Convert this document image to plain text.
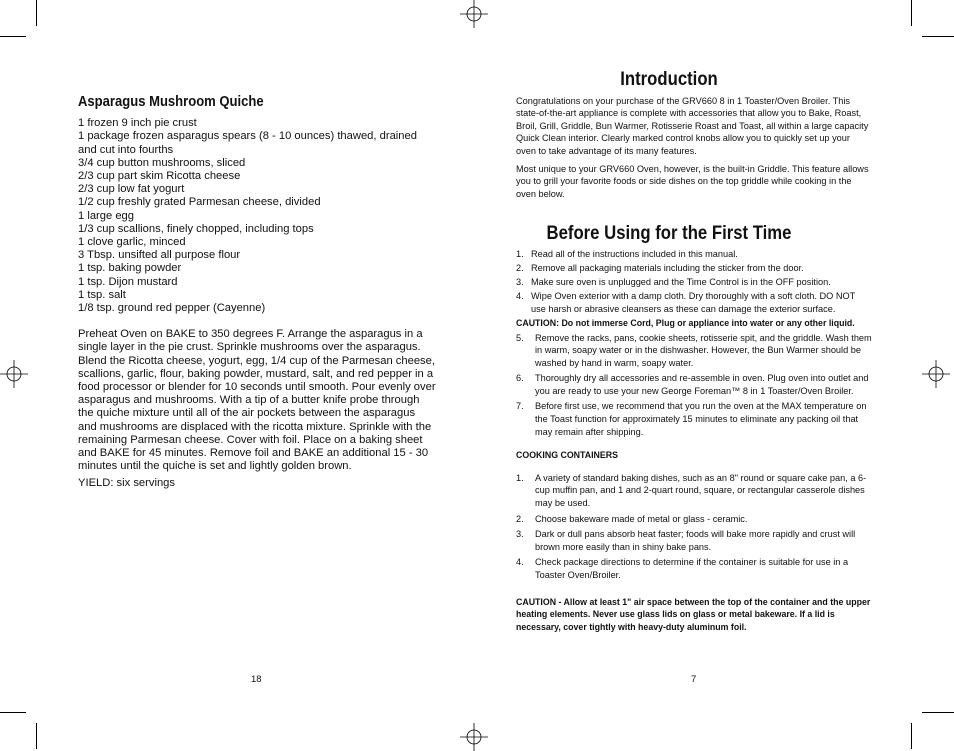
Asparagus Mushroom Quiche
1 frozen 9 inch pie crust
1 package frozen asparagus spears (8 - 10 ounces) thawed, drained and cut into fourths
3/4 cup button mushrooms, sliced
2/3 cup part skim Ricotta cheese
2/3 cup low fat yogurt
1/2 cup freshly grated Parmesan cheese, divided
1 large egg
1/3 cup scallions, finely chopped, including tops
1 clove garlic, minced
3 Tbsp. unsifted all purpose flour
1 tsp. baking powder
1 tsp. Dijon mustard
1 tsp. salt
1/8 tsp. ground red pepper (Cayenne)
Preheat Oven on BAKE to 350 degrees F. Arrange the asparagus in a single layer in the pie crust. Sprinkle mushrooms over the asparagus. Blend the Ricotta cheese, yogurt, egg, 1/4 cup of the Parmesan cheese, scallions, garlic, flour, baking powder, mustard, salt, and red pepper in a food processor or blender for 10 seconds until smooth. Pour evenly over asparagus and mushrooms. With a tip of a butter knife probe through the quiche mixture until all of the air pockets between the asparagus and mushrooms are displaced with the ricotta mixture. Sprinkle with the remaining Parmesan cheese. Cover with foil. Place on a baking sheet and BAKE for 45 minutes. Remove foil and BAKE an additional 15 - 30 minutes until the quiche is set and lightly golden brown.
YIELD: six servings
18
Introduction

Congratulations on your purchase of the GRV660 8 in 1 Toaster/Oven Broiler. This state-of-the-art appliance is complete with accessories that allow you to Bake, Roast, Broil, Grill, Griddle, Bun Warmer, Rotisserie Roast and Toast, all within a large capacity Quick Clean interior. Clearly marked control knobs allow you to quickly set up your oven to take advantage of its many features.

Most unique to your GRV660 Oven, however, is the built-in Griddle. This feature allows you to grill your favorite foods or side dishes on the top griddle while cooking in the oven below.

Before Using for the First Time
1. Read all of the instructions included in this manual.
2. Remove all packaging materials including the sticker from the door.
3. Make sure oven is unplugged and the Time Control is in the OFF position.
4. Wipe Oven exterior with a damp cloth. Dry thoroughly with a soft cloth. DO NOT use harsh or abrasive cleansers as these can damage the exterior surface.

CAUTION: Do not immerse Cord, Plug or appliance into water or any other liquid.

5. Remove the racks, pans, cookie sheets, rotisserie spit, and the griddle. Wash them in warm, soapy water or in the dishwasher. However, the Bun Warmer should be washed by hand in warm, soapy water.
6. Thoroughly dry all accessories and re-assemble in oven. Plug oven into outlet and you are ready to use your new George Foreman™ 8 in 1 Toaster/Oven Broiler.
7. Before first use, we recommend that you run the oven at the MAX temperature on the Toast function for approximately 15 minutes to eliminate any packing oil that may remain after shipping.

COOKING CONTAINERS

1. A variety of standard baking dishes, such as an 8" round or square cake pan, a 6-cup muffin pan, and 1 and 2-quart round, square, or rectangular casserole dishes may be used.
2. Choose bakeware made of metal or glass - ceramic.
3. Dark or dull pans absorb heat faster; foods will bake more rapidly and crust will brown more easily than in shiny bake pans.
4. Check package directions to determine if the container is suitable for use in a Toaster Oven/Broiler.

CAUTION - Allow at least 1" air space between the top of the container and the upper heating elements. Never use glass lids on glass or metal bakeware. If a lid is necessary, cover tightly with heavy-duty aluminum foil.

7
